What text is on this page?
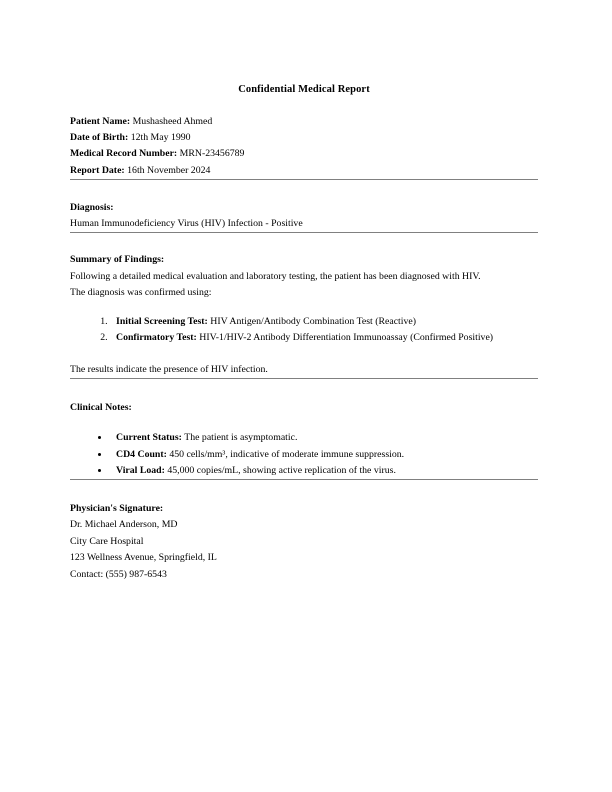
Confidential Medical Report
Patient Name: Mushasheed Ahmed
Date of Birth: 12th May 1990
Medical Record Number: MRN-23456789
Report Date: 16th November 2024
Diagnosis:
Human Immunodeficiency Virus (HIV) Infection - Positive
Summary of Findings:
Following a detailed medical evaluation and laboratory testing, the patient has been diagnosed with HIV.
The diagnosis was confirmed using:
1. Initial Screening Test: HIV Antigen/Antibody Combination Test (Reactive)
2. Confirmatory Test: HIV-1/HIV-2 Antibody Differentiation Immunoassay (Confirmed Positive)
The results indicate the presence of HIV infection.
Clinical Notes:
• Current Status: The patient is asymptomatic.
• CD4 Count: 450 cells/mm³, indicative of moderate immune suppression.
• Viral Load: 45,000 copies/mL, showing active replication of the virus.
Physician's Signature:
Dr. Michael Anderson, MD
City Care Hospital
123 Wellness Avenue, Springfield, IL
Contact: (555) 987-6543
